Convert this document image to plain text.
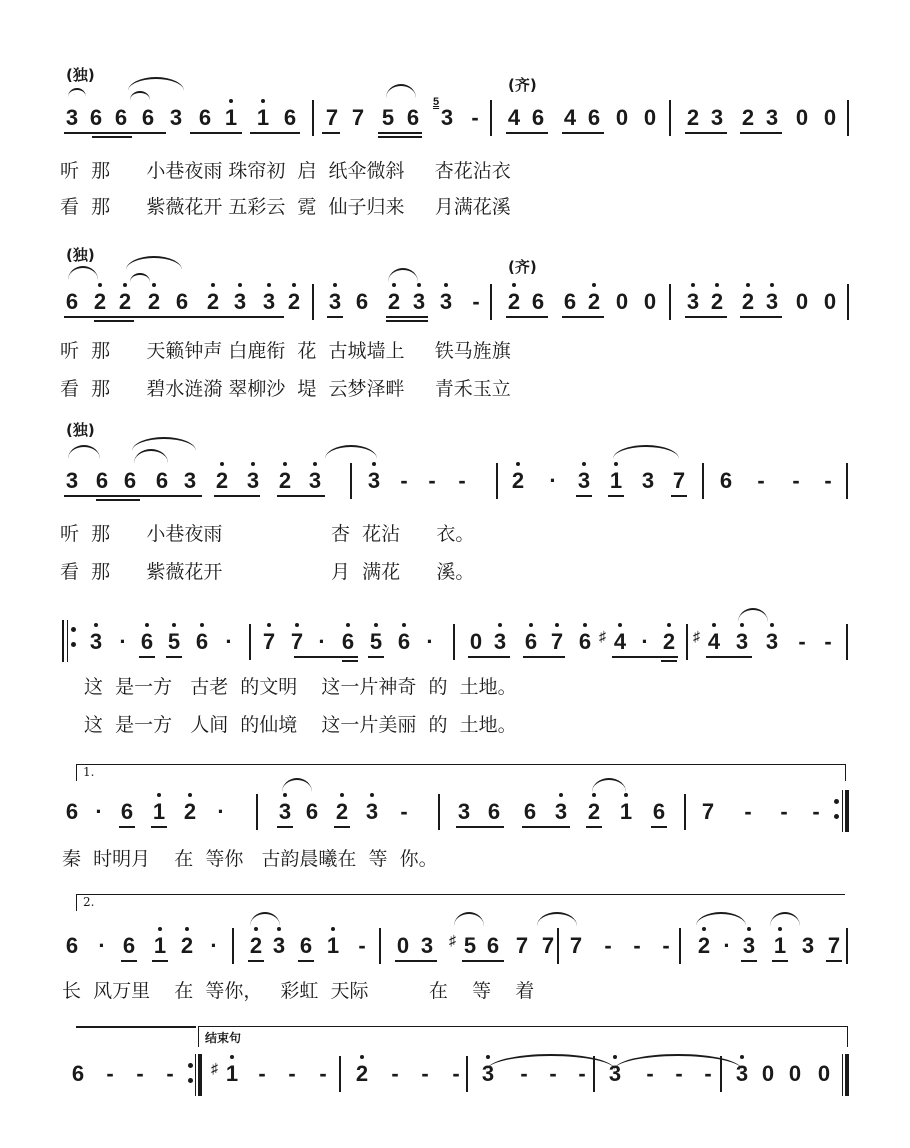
(独)
(齐)
3 6 6 6 3 6 1 1 6 7 7 5 6 3
5
- 4 6 4 6 0 0 2 3 2 3 0 0
听  那      小巷夜雨 珠帘初  启  纸伞微斜     杏花沾衣
看  那      紫薇花开 五彩云  霓  仙子归来     月满花溪
(独)
(齐)
6 2 2 2 6 2 3 3 2 3 6 2 3 3 - 2 6 6 2 0 0 3 2 2 3 0 0
听  那      天籁钟声 白鹿衔  花  古城墙上     铁马旌旗
看  那      碧水涟漪 翠柳沙  堤  云梦泽畔     青禾玉立
(独)
3 6 6 6 3 2 3 2 3 3 - - - 2 · 3 1 3 7 6 - - -
听  那      小巷夜雨                  杏  花沾      衣。
看  那      紫薇花开                  月  满花      溪。
3 · 6 5 6 · 7 7 · 6 5 6 · 0 3 6 7 6 4
♯ · 2 4
♯ 3 3 - -
这  是一方   古老  的文明    这一片神奇  的  土地。
这  是一方   人间  的仙境    这一片美丽  的  土地。
1.
6 · 6 1 2 · 3 6 2 3 - 3 6 6 3 2 1 6 7 - - -
秦  时明月    在  等你   古韵晨曦在  等  你。
2.
6 · 6 1 2 · 2 3 6 1 - 0 3 5
♯ 6 7 7 7 - - - 2 · 3 1 3 7
长  风万里    在  等你，   彩虹  天际          在    等    着
结束句
6 - - - 1
♯ - - - 2 - - - 3 - - - 3 - - - 3 0 0 0
